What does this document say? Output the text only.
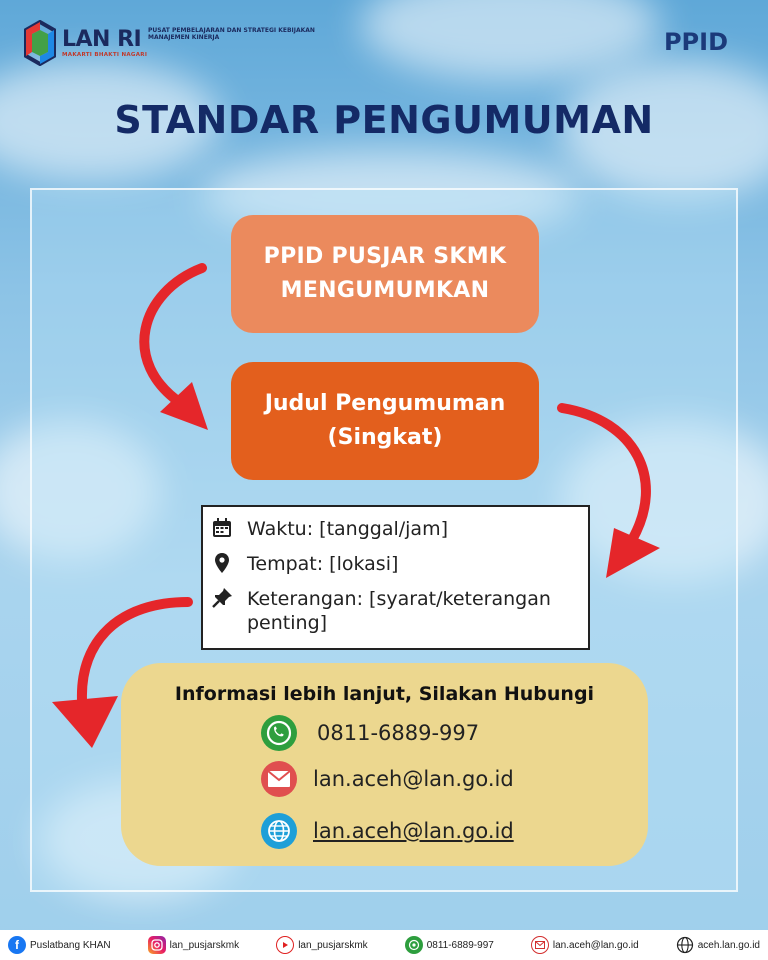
LAN RI
MAKARTI BHAKTI NAGARI
PUSAT PEMBELAJARAN DAN STRATEGI KEBIJAKAN MANAJEMEN KINERJA	PPID
STANDAR PENGUMUMAN
PPID PUSJAR SKMK MENGUMUMKAN
Judul Pengumuman (Singkat)
Waktu: [tanggal/jam]
Tempat: [lokasi]
Keterangan: [syarat/keterangan penting]
Informasi lebih lanjut, Silakan Hubungi
0811-6889-997
lan.aceh@lan.go.id
lan.aceh@lan.go.id
f Puslatbang KHAN	lan_pusjarskmk	lan_pusjarskmk	0811-6889-997	lan.aceh@lan.go.id	aceh.lan.go.id
